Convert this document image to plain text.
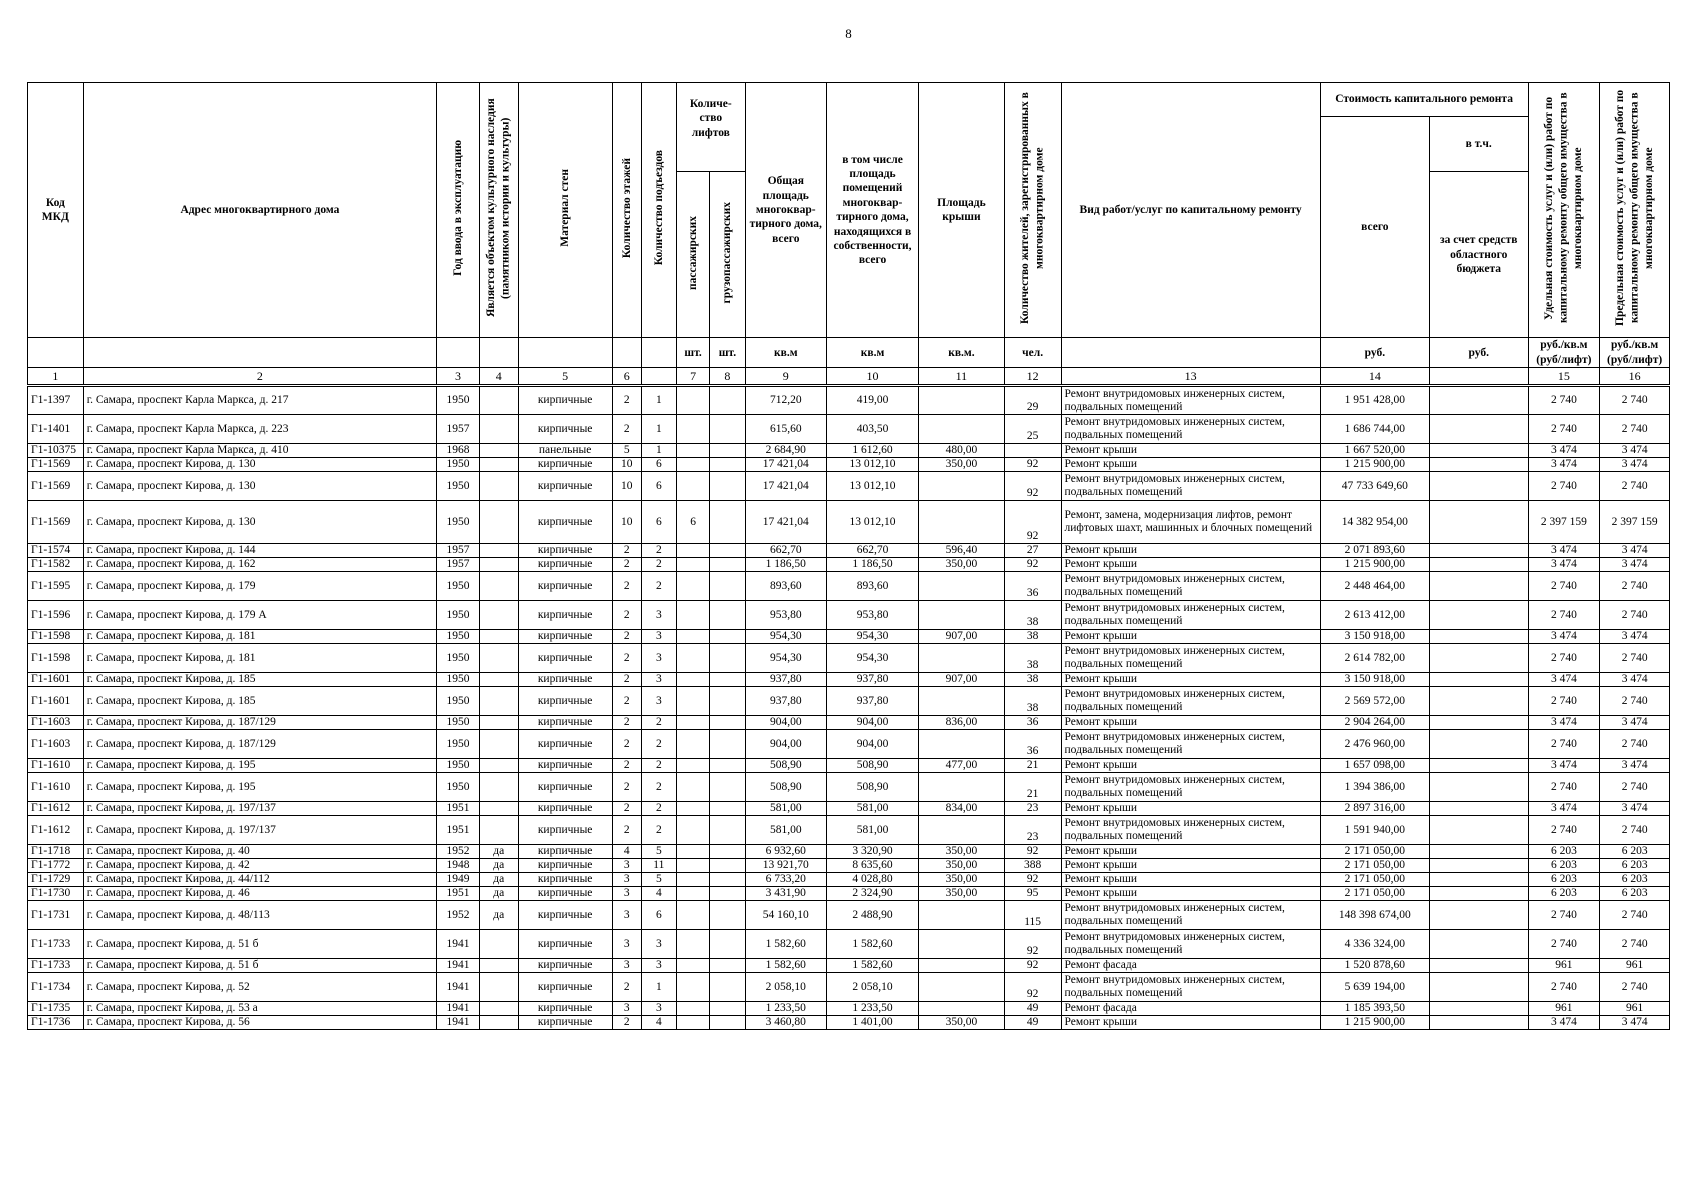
8
Код МКД	Адрес многоквартирного дома	Год ввода в эксплуатацию	Является объектом культурного наследия (памятником истории и культуры)	Материал стен	Количество этажей	Количество подъездов	Количе-ство лифтов		Общая площадь многоквар-тирного дома, всего	в том числе площадь помещений многоквар-тирного дома, находящихся в собственности, всего	Площадь крыши	Количество жителей, зарегистрированных в многоквартирном доме	Вид работ/услуг по капитальному ремонту	Стоимость капитального ремонта		Удельная стоимость услуг и (или) работ по капитальному ремонту общего имущества в многоквартирном доме	Предельная стоимость услуг и (или) работ по капитальному ремонту общего имущества в многоквартирном доме
														всего	в т.ч.		
							пассажирских	грузопассажирских							за счет средств областного бюджета		
							шт.	шт.	кв.м	кв.м	кв.м.	чел.		руб.	руб.	руб./кв.м (руб/лифт)	руб./кв.м (руб/лифт)
1	2	3	4	5	6		7	8	9	10	11	12	13	14		15	16
Г1-1397	г. Самара, проспект Карла Маркса, д. 217	1950		кирпичные	2	1			712,20	419,00		29	Ремонт внутридомовых инженерных систем, подвальных помещений	1 951 428,00		2 740	2 740
Г1-1401	г. Самара, проспект Карла Маркса, д. 223	1957		кирпичные	2	1			615,60	403,50		25	Ремонт внутридомовых инженерных систем, подвальных помещений	1 686 744,00		2 740	2 740
Г1-10375	г. Самара, проспект Карла Маркса, д. 410	1968		панельные	5	1			2 684,90	1 612,60	480,00		Ремонт крыши	1 667 520,00		3 474	3 474
Г1-1569	г. Самара, проспект Кирова, д. 130	1950		кирпичные	10	6			17 421,04	13 012,10	350,00	92	Ремонт крыши	1 215 900,00		3 474	3 474
Г1-1569	г. Самара, проспект Кирова, д. 130	1950		кирпичные	10	6			17 421,04	13 012,10		92	Ремонт внутридомовых инженерных систем, подвальных помещений	47 733 649,60		2 740	2 740
Г1-1569	г. Самара, проспект Кирова, д. 130	1950		кирпичные	10	6	6		17 421,04	13 012,10		92	Ремонт, замена, модернизация лифтов, ремонт лифтовых шахт, машинных и блочных помещений	14 382 954,00		2 397 159	2 397 159
Г1-1574	г. Самара, проспект Кирова, д. 144	1957		кирпичные	2	2			662,70	662,70	596,40	27	Ремонт крыши	2 071 893,60		3 474	3 474
Г1-1582	г. Самара, проспект Кирова, д. 162	1957		кирпичные	2	2			1 186,50	1 186,50	350,00	92	Ремонт крыши	1 215 900,00		3 474	3 474
Г1-1595	г. Самара, проспект Кирова, д. 179	1950		кирпичные	2	2			893,60	893,60		36	Ремонт внутридомовых инженерных систем, подвальных помещений	2 448 464,00		2 740	2 740
Г1-1596	г. Самара, проспект Кирова, д. 179 А	1950		кирпичные	2	3			953,80	953,80		38	Ремонт внутридомовых инженерных систем, подвальных помещений	2 613 412,00		2 740	2 740
Г1-1598	г. Самара, проспект Кирова, д. 181	1950		кирпичные	2	3			954,30	954,30	907,00	38	Ремонт крыши	3 150 918,00		3 474	3 474
Г1-1598	г. Самара, проспект Кирова, д. 181	1950		кирпичные	2	3			954,30	954,30		38	Ремонт внутридомовых инженерных систем, подвальных помещений	2 614 782,00		2 740	2 740
Г1-1601	г. Самара, проспект Кирова, д. 185	1950		кирпичные	2	3			937,80	937,80	907,00	38	Ремонт крыши	3 150 918,00		3 474	3 474
Г1-1601	г. Самара, проспект Кирова, д. 185	1950		кирпичные	2	3			937,80	937,80		38	Ремонт внутридомовых инженерных систем, подвальных помещений	2 569 572,00		2 740	2 740
Г1-1603	г. Самара, проспект Кирова, д. 187/129	1950		кирпичные	2	2			904,00	904,00	836,00	36	Ремонт крыши	2 904 264,00		3 474	3 474
Г1-1603	г. Самара, проспект Кирова, д. 187/129	1950		кирпичные	2	2			904,00	904,00		36	Ремонт внутридомовых инженерных систем, подвальных помещений	2 476 960,00		2 740	2 740
Г1-1610	г. Самара, проспект Кирова, д. 195	1950		кирпичные	2	2			508,90	508,90	477,00	21	Ремонт крыши	1 657 098,00		3 474	3 474
Г1-1610	г. Самара, проспект Кирова, д. 195	1950		кирпичные	2	2			508,90	508,90		21	Ремонт внутридомовых инженерных систем, подвальных помещений	1 394 386,00		2 740	2 740
Г1-1612	г. Самара, проспект Кирова, д. 197/137	1951		кирпичные	2	2			581,00	581,00	834,00	23	Ремонт крыши	2 897 316,00		3 474	3 474
Г1-1612	г. Самара, проспект Кирова, д. 197/137	1951		кирпичные	2	2			581,00	581,00		23	Ремонт внутридомовых инженерных систем, подвальных помещений	1 591 940,00		2 740	2 740
Г1-1718	г. Самара, проспект Кирова, д. 40	1952	да	кирпичные	4	5			6 932,60	3 320,90	350,00	92	Ремонт крыши	2 171 050,00		6 203	6 203
Г1-1772	г. Самара, проспект Кирова, д. 42	1948	да	кирпичные	3	11			13 921,70	8 635,60	350,00	388	Ремонт крыши	2 171 050,00		6 203	6 203
Г1-1729	г. Самара, проспект Кирова, д. 44/112	1949	да	кирпичные	3	5			6 733,20	4 028,80	350,00	92	Ремонт крыши	2 171 050,00		6 203	6 203
Г1-1730	г. Самара, проспект Кирова, д. 46	1951	да	кирпичные	3	4			3 431,90	2 324,90	350,00	95	Ремонт крыши	2 171 050,00		6 203	6 203
Г1-1731	г. Самара, проспект Кирова, д. 48/113	1952	да	кирпичные	3	6			54 160,10	2 488,90		115	Ремонт внутридомовых инженерных систем, подвальных помещений	148 398 674,00		2 740	2 740
Г1-1733	г. Самара, проспект Кирова, д. 51 б	1941		кирпичные	3	3			1 582,60	1 582,60		92	Ремонт внутридомовых инженерных систем, подвальных помещений	4 336 324,00		2 740	2 740
Г1-1733	г. Самара, проспект Кирова, д. 51 б	1941		кирпичные	3	3			1 582,60	1 582,60		92	Ремонт фасада	1 520 878,60		961	961
Г1-1734	г. Самара, проспект Кирова, д. 52	1941		кирпичные	2	1			2 058,10	2 058,10		92	Ремонт внутридомовых инженерных систем, подвальных помещений	5 639 194,00		2 740	2 740
Г1-1735	г. Самара, проспект Кирова, д. 53 а	1941		кирпичные	3	3			1 233,50	1 233,50		49	Ремонт фасада	1 185 393,50		961	961
Г1-1736	г. Самара, проспект Кирова, д. 56	1941		кирпичные	2	4			3 460,80	1 401,00	350,00	49	Ремонт крыши	1 215 900,00		3 474	3 474
